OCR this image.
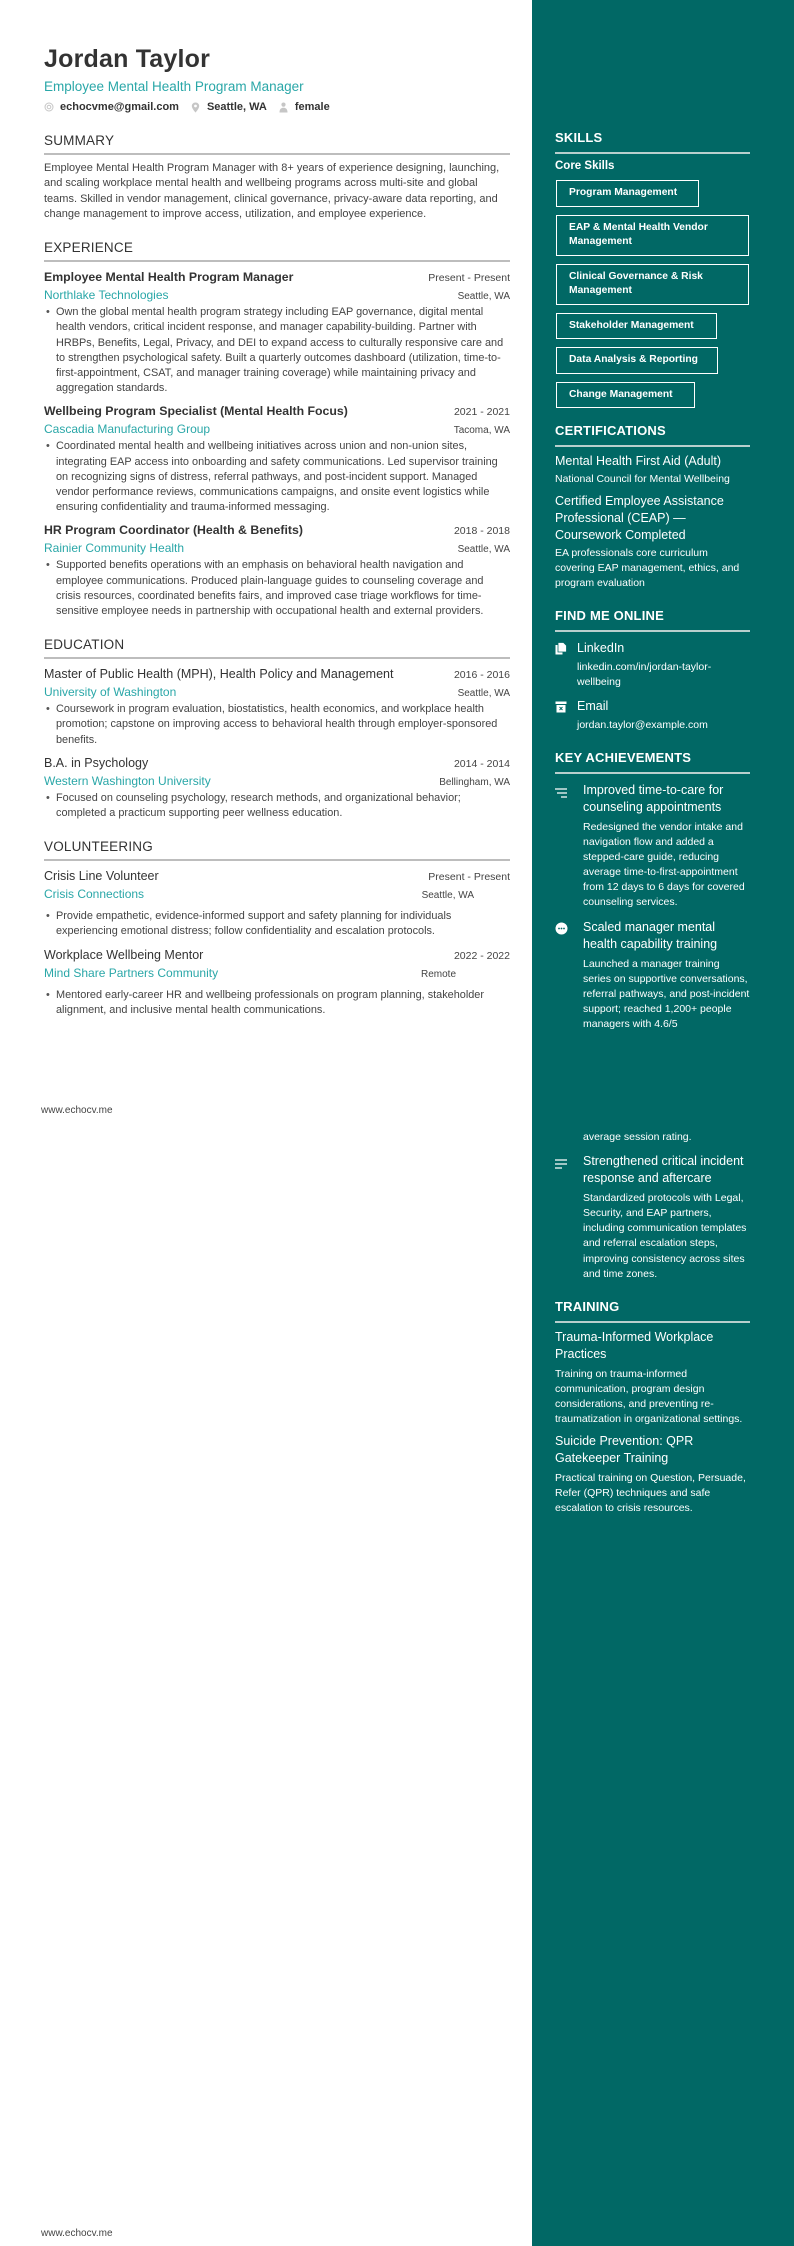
Jordan Taylor
Employee Mental Health Program Manager
echocvme@gmail.com	Seattle, WA	female
SUMMARY
Employee Mental Health Program Manager with 8+ years of experience designing, launching, and scaling workplace mental health and wellbeing programs across multi-site and global teams. Skilled in vendor management, clinical governance, privacy-aware data reporting, and change management to improve access, utilization, and employee experience.
EXPERIENCE
Employee Mental Health Program Manager	Present - Present
Northlake Technologies	Seattle, WA
• Own the global mental health program strategy including EAP governance, digital mental health vendors, critical incident response, and manager capability-building. Partner with HRBPs, Benefits, Legal, Privacy, and DEI to expand access to culturally responsive care and to strengthen psychological safety. Built a quarterly outcomes dashboard (utilization, time-to-first-appointment, CSAT, and manager training coverage) while maintaining privacy and aggregation standards.
Wellbeing Program Specialist (Mental Health Focus)	2021 - 2021
Cascadia Manufacturing Group	Tacoma, WA
• Coordinated mental health and wellbeing initiatives across union and non-union sites, integrating EAP access into onboarding and safety communications. Led supervisor training on recognizing signs of distress, referral pathways, and post-incident support. Managed vendor performance reviews, communications campaigns, and onsite event logistics while ensuring confidentiality and trauma-informed messaging.
HR Program Coordinator (Health & Benefits)	2018 - 2018
Rainier Community Health	Seattle, WA
• Supported benefits operations with an emphasis on behavioral health navigation and employee communications. Produced plain-language guides to counseling coverage and crisis resources, coordinated benefits fairs, and improved case triage workflows for time-sensitive employee needs in partnership with occupational health and external providers.
EDUCATION
Master of Public Health (MPH), Health Policy and Management	2016 - 2016
University of Washington	Seattle, WA
• Coursework in program evaluation, biostatistics, health economics, and workplace health promotion; capstone on improving access to behavioral health through employer-sponsored benefits.
B.A. in Psychology	2014 - 2014
Western Washington University	Bellingham, WA
• Focused on counseling psychology, research methods, and organizational behavior; completed a practicum supporting peer wellness education.
VOLUNTEERING
Crisis Line Volunteer	Present - Present
Crisis Connections	Seattle, WA
• Provide empathetic, evidence-informed support and safety planning for individuals experiencing emotional distress; follow confidentiality and escalation protocols.
Workplace Wellbeing Mentor	2022 - 2022
Mind Share Partners Community	Remote
• Mentored early-career HR and wellbeing professionals on program planning, stakeholder alignment, and inclusive mental health communications.
www.echocv.me
www.echocv.me
SKILLS
Core Skills
Program Management
EAP & Mental Health Vendor Management
Clinical Governance & Risk Management
Stakeholder Management
Data Analysis & Reporting
Change Management
CERTIFICATIONS
Mental Health First Aid (Adult)
National Council for Mental Wellbeing
Certified Employee Assistance Professional (CEAP) — Coursework Completed
EA professionals core curriculum covering EAP management, ethics, and program evaluation
FIND ME ONLINE
LinkedIn
linkedin.com/in/jordan-taylor-wellbeing
Email
jordan.taylor@example.com
KEY ACHIEVEMENTS
Improved time-to-care for counseling appointments
Redesigned the vendor intake and navigation flow and added a stepped-care guide, reducing average time-to-first-appointment from 12 days to 6 days for covered counseling services.
Scaled manager mental health capability training
Launched a manager training series on supportive conversations, referral pathways, and post-incident support; reached 1,200+ people managers with 4.6/5
average session rating.
Strengthened critical incident response and aftercare
Standardized protocols with Legal, Security, and EAP partners, including communication templates and referral escalation steps, improving consistency across sites and time zones.
TRAINING
Trauma-Informed Workplace Practices
Training on trauma-informed communication, program design considerations, and preventing re-traumatization in organizational settings.
Suicide Prevention: QPR Gatekeeper Training
Practical training on Question, Persuade, Refer (QPR) techniques and safe escalation to crisis resources.
